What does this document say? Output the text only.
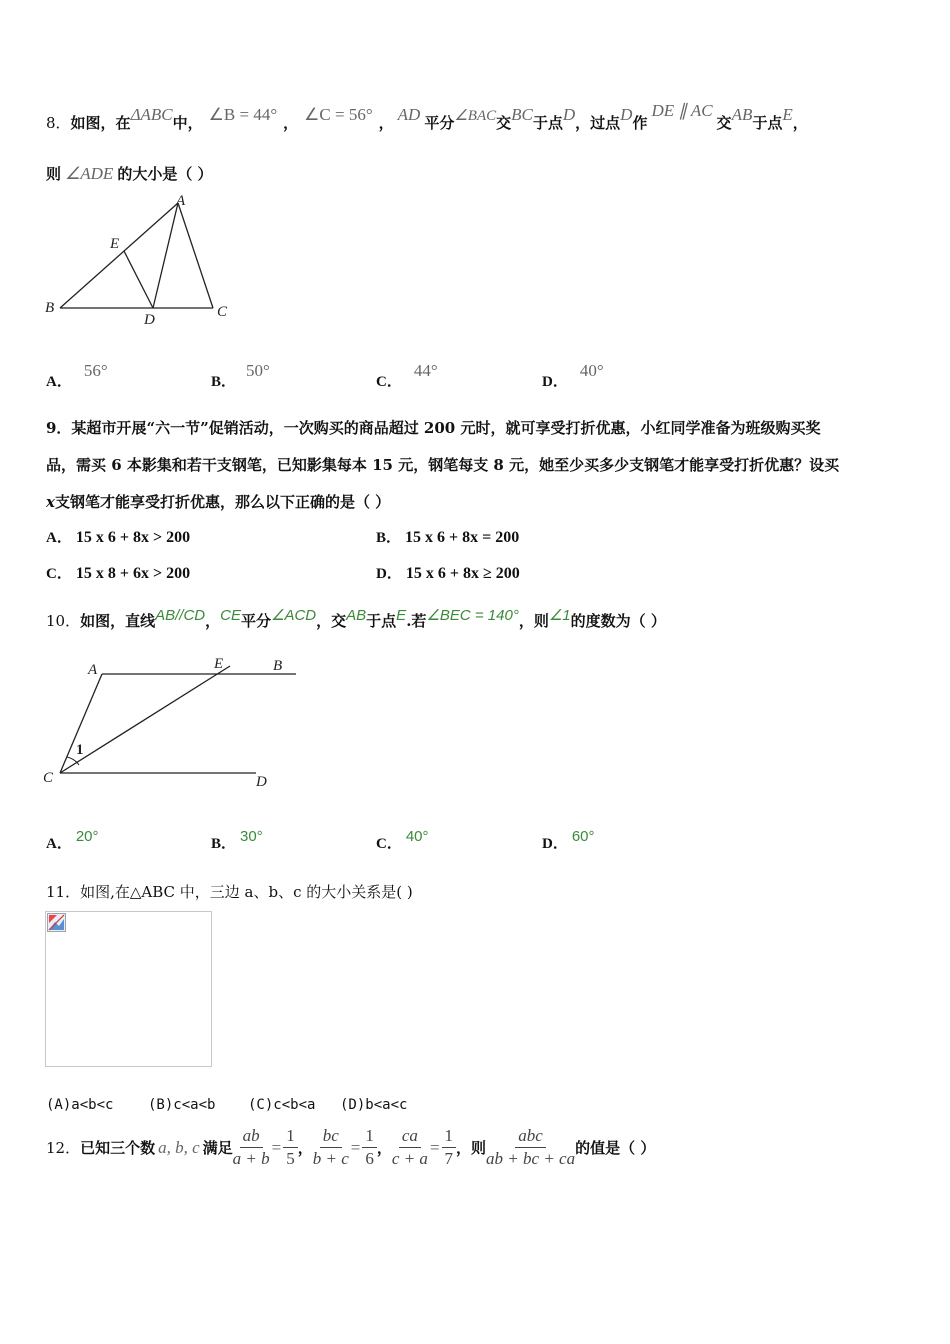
8．如图，在ΔABC中， ∠B = 44° ， ∠C = 56° ， AD 平分∠BAC交BC于点D，过点D作DE ∥ AC交AB于点E，
则 ∠ADE 的大小是（ ）
A
B	C
D
E
A．56°
B．50°
C．44°
D．40°
9．某超市开展“六一节”促销活动，一次购买的商品超过 200 元时，就可享受打折优惠，小红同学准备为班级购买奖
品，需买 6 本影集和若干支钢笔，已知影集每本 15 元，钢笔每支 8 元，她至少买多少支钢笔才能享受打折优惠？设买
x支钢笔才能享受打折优惠，那么以下正确的是（ ）
A． 15 x 6 + 8x > 200	B． 15 x 6 + 8x = 200
C． 15 x 8 + 6x > 200	D． 15 x 6 + 8x ≥ 200
10．如图，直线AB//CD，CE平分∠ACD，交AB于点E.若∠BEC = 140°，则∠1的度数为（ ）
A	B
C	D
E
1
A． 20°	B． 30°	C． 40°	D． 60°
11．如图,在△ABC 中，三边 a、b、c 的大小关系是( )
(A)a<b<c (B)c<a<b (C)c<b<a (D)b<a<c
12． 已知三个数 a, b, c 满足 $\frac{ab}{a + b} = \frac{1}{5}$ ， $\frac{bc}{b + c} = \frac{1}{6}$ ， $\frac{ca}{c + a} = \frac{1}{7}$ ，则 $\frac{\text{abc}}{ab + bc + ca}$ 的值是（ ）
